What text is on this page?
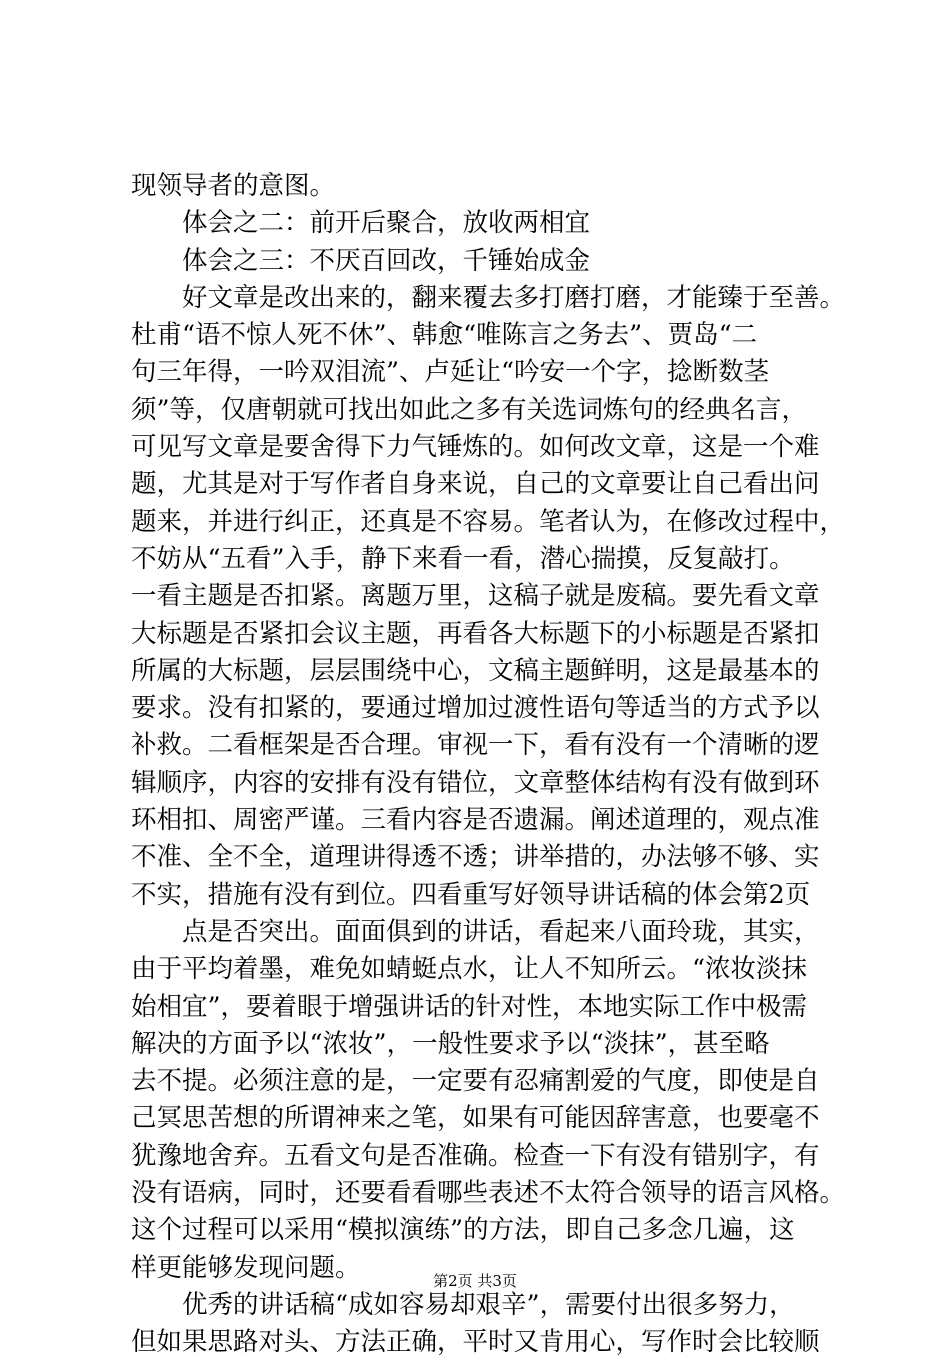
现领导者的意图。
　　体会之二：前开后聚合，放收两相宜
　　体会之三：不厌百回改，千锤始成金
　　好文章是改出来的，翻来覆去多打磨打磨，才能臻于至善。
杜甫“语不惊人死不休”、韩愈“唯陈言之务去”、贾岛“二
句三年得，一吟双泪流”、卢延让“吟安一个字，捻断数茎
须”等，仅唐朝就可找出如此之多有关选词炼句的经典名言，
可见写文章是要舍得下力气锤炼的。如何改文章，这是一个难
题，尤其是对于写作者自身来说，自己的文章要让自己看出问
题来，并进行纠正，还真是不容易。笔者认为，在修改过程中，
不妨从“五看”入手，静下来看一看，潜心揣摸，反复敲打。
一看主题是否扣紧。离题万里，这稿子就是废稿。要先看文章
大标题是否紧扣会议主题，再看各大标题下的小标题是否紧扣
所属的大标题，层层围绕中心，文稿主题鲜明，这是最基本的
要求。没有扣紧的，要通过增加过渡性语句等适当的方式予以
补救。二看框架是否合理。审视一下，看有没有一个清晰的逻
辑顺序，内容的安排有没有错位，文章整体结构有没有做到环
环相扣、周密严谨。三看内容是否遗漏。阐述道理的，观点准
不准、全不全，道理讲得透不透；讲举措的，办法够不够、实
不实，措施有没有到位。四看重写好领导讲话稿的体会第2页
　　点是否突出。面面俱到的讲话，看起来八面玲珑，其实，
由于平均着墨，难免如蜻蜓点水，让人不知所云。“浓妆淡抹
始相宜”，要着眼于增强讲话的针对性，本地实际工作中极需
解决的方面予以“浓妆”，一般性要求予以“淡抹”，甚至略
去不提。必须注意的是，一定要有忍痛割爱的气度，即使是自
己冥思苦想的所谓神来之笔，如果有可能因辞害意，也要毫不
犹豫地舍弃。五看文句是否准确。检查一下有没有错别字，有
没有语病，同时，还要看看哪些表述不太符合领导的语言风格。
这个过程可以采用“模拟演练”的方法，即自己多念几遍，这
样更能够发现问题。
　　优秀的讲话稿“成如容易却艰辛”，需要付出很多努力，
但如果思路对头、方法正确，平时又肯用心，写作时会比较顺
第2页 共3页
